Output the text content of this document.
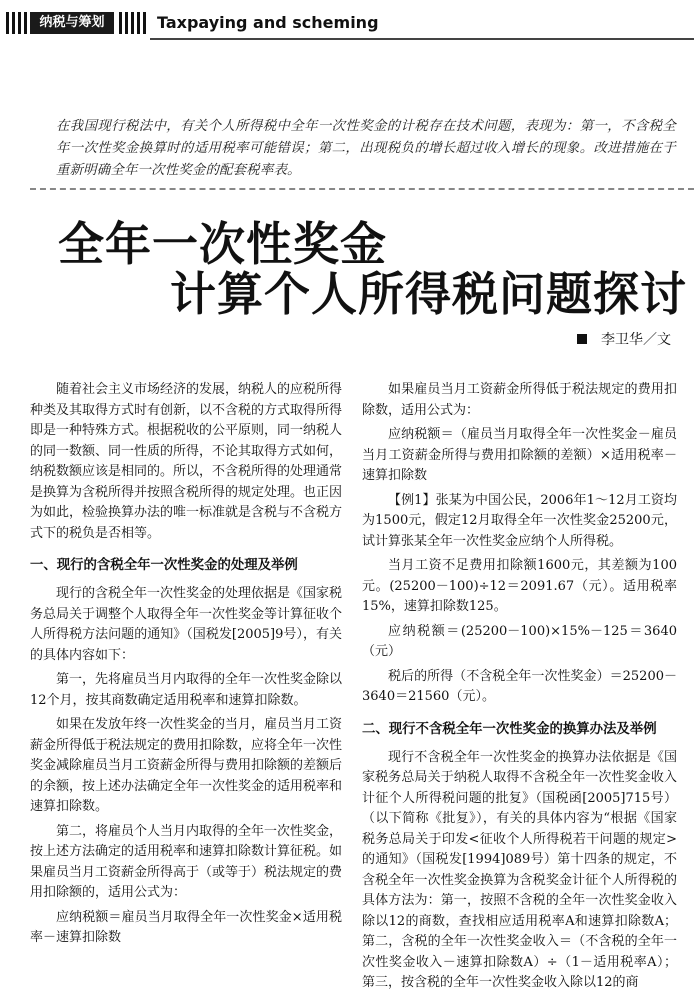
纳税与筹划	Taxpaying and scheming
在我国现行税法中，有关个人所得税中全年一次性奖金的计税存在技术问题，表现为：第一，不含税全年一次性奖金换算时的适用税率可能错误；第二，出现税负的增长超过收入增长的现象。改进措施在于重新明确全年一次性奖金的配套税率表。
全年一次性奖金
计算个人所得税问题探讨
李卫华／文

随着社会主义市场经济的发展，纳税人的应税所得种类及其取得方式时有创新，以不含税的方式取得所得即是一种特殊方式。根据税收的公平原则，同一纳税人的同一数额、同一性质的所得，不论其取得方式如何，纳税数额应该是相同的。所以，不含税所得的处理通常是换算为含税所得并按照含税所得的规定处理。也正因为如此，检验换算办法的唯一标准就是含税与不含税方式下的税负是否相等。

一、现行的含税全年一次性奖金的处理及举例

现行的含税全年一次性奖金的处理依据是《国家税务总局关于调整个人取得全年一次性奖金等计算征收个人所得税方法问题的通知》（国税发[2005]9号），有关的具体内容如下：

第一，先将雇员当月内取得的全年一次性奖金除以12个月，按其商数确定适用税率和速算扣除数。

如果在发放年终一次性奖金的当月，雇员当月工资薪金所得低于税法规定的费用扣除数，应将全年一次性奖金减除雇员当月工资薪金所得与费用扣除额的差额后的余额，按上述办法确定全年一次性奖金的适用税率和速算扣除数。

第二，将雇员个人当月内取得的全年一次性奖金，按上述方法确定的适用税率和速算扣除数计算征税。如果雇员当月工资薪金所得高于（或等于）税法规定的费用扣除额的，适用公式为：

应纳税额＝雇员当月取得全年一次性奖金×适用税率－速算扣除数

如果雇员当月工资薪金所得低于税法规定的费用扣除数，适用公式为：

应纳税额＝（雇员当月取得全年一次性奖金－雇员当月工资薪金所得与费用扣除额的差额）×适用税率－速算扣除数

【例1】张某为中国公民，2006年1～12月工资均为1500元，假定12月取得全年一次性奖金25200元，试计算张某全年一次性奖金应纳个人所得税。

当月工资不足费用扣除额1600元，其差额为100元。(25200－100)÷12＝2091.67（元）。适用税率15%，速算扣除数125。

应纳税额＝(25200－100)×15%－125＝3640（元）

税后的所得（不含税全年一次性奖金）＝25200－3640＝21560（元）。

二、现行不含税全年一次性奖金的换算办法及举例

现行不含税全年一次性奖金的换算办法依据是《国家税务总局关于纳税人取得不含税全年一次性奖金收入计征个人所得税问题的批复》（国税函[2005]715号）（以下简称《批复》），有关的具体内容为“根据《国家税务总局关于印发<征收个人所得税若干问题的规定>的通知》（国税发[1994]089号）第十四条的规定，不含税全年一次性奖金换算为含税奖金计征个人所得税的具体方法为：第一，按照不含税的全年一次性奖金收入除以12的商数，查找相应适用税率A和速算扣除数A；第二，含税的全年一次性奖金收入＝（不含税的全年一次性奖金收入－速算扣除数A）÷（1－适用税率A）；第三，按含税的全年一次性奖金收入除以12的商
